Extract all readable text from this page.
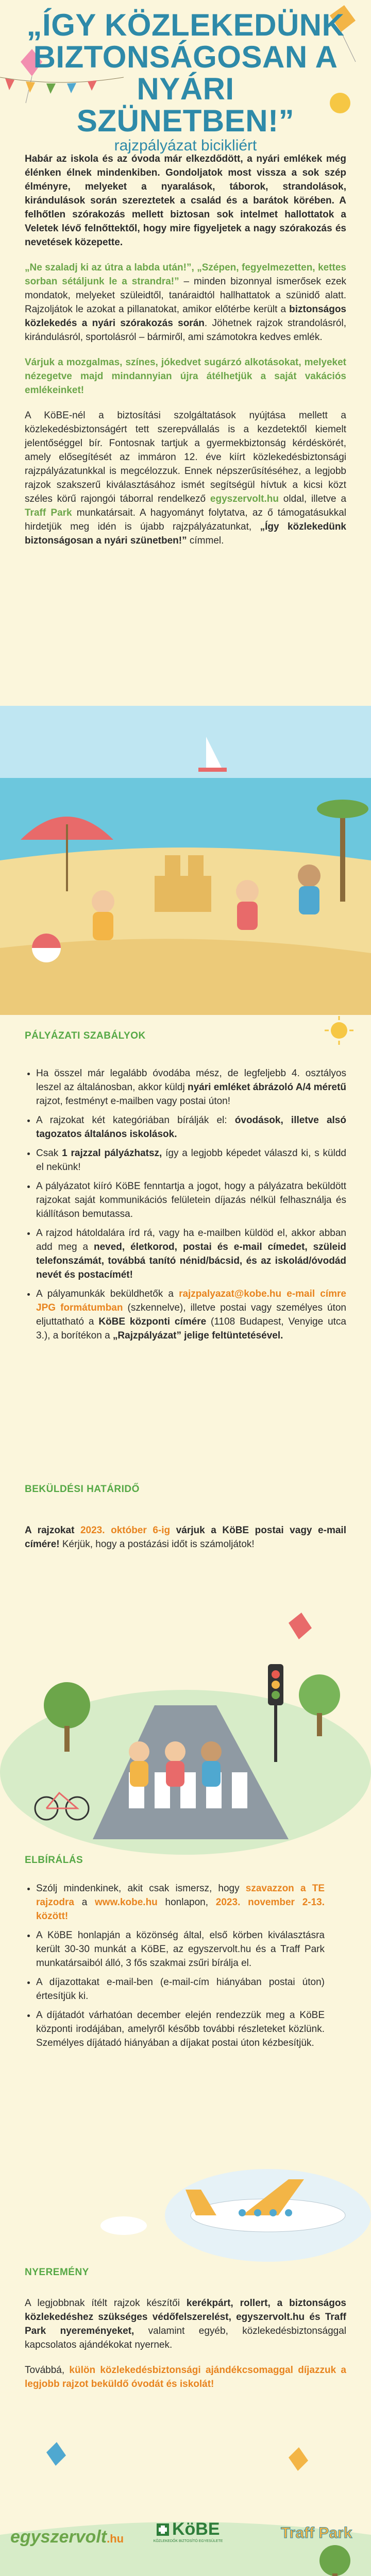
„ÍGY KÖZLEKEDÜNK
BIZTONSÁGOSAN A NYÁRI
SZÜNETBEN!”
rajzpályázat bicikliért

Habár az iskola és az óvoda már elkezdődött, a nyári emlékek még élénken élnek mindenkiben. Gondoljatok most vissza a sok szép élményre, melyeket a nyaralások, táborok, strandolások, kirándulások során szereztetek a család és a barátok körében. A felhőtlen szórakozás mellett biztosan sok intelmet hallottatok a Veletek lévő felnőttektől, hogy mire figyeljetek a nagy szórakozás és nevetések közepette.

„Ne szaladj ki az útra a labda után!”, „Szépen, fegyelmezetten, kettes sorban sétáljunk le a strandra!” – minden bizonnyal ismerősek ezek mondatok, melyeket szüleidtől, tanáraidtól hallhattatok a szünidő alatt. Rajzoljátok le azokat a pillanatokat, amikor előtérbe került a biztonságos közlekedés a nyári szórakozás során. Jöhetnek rajzok strandolásról, kirándulásról, sportolásról – bármiről, ami számotokra kedves emlék.

Várjuk a mozgalmas, színes, jókedvet sugárzó alkotásokat, melyeket nézegetve majd mindannyian újra átélhetjük a saját vakációs emlékeinket!

A KöBE-nél a biztosítási szolgáltatások nyújtása mellett a közlekedésbiztonságért tett szerepvállalás is a kezdetektől kiemelt jelentőséggel bír. Fontosnak tartjuk a gyermekbiztonság kérdéskörét, amely elősegítését az immáron 12. éve kiírt közlekedésbiztonsági rajzpályázatunkkal is megcélozzuk. Ennek népszerűsítéséhez, a legjobb rajzok szakszerű kiválasztásához ismét segítségül hívtuk a kicsi közt széles körű rajongói táborral rendelkező egyszervolt.hu oldal, illetve a Traff Park munkatársait. A hagyományt folytatva, az ő támogatásukkal hirdetjük meg idén is újabb rajzpályázatunkat, „Így közlekedünk biztonságosan a nyári szünetben!” címmel.

PÁLYÁZATI SZABÁLYOK
• Ha összel már legalább óvodába mész, de legfeljebb 4. osztályos leszel az általánosban, akkor küldj nyári emléket ábrázoló A/4 méretű rajzot, festményt e-mailben vagy postai úton!
• A rajzokat két kategóriában bírálják el: óvodások, illetve alsó tagozatos általános iskolások.
• Csak 1 rajzzal pályázhatsz, így a legjobb képedet válaszd ki, s küldd el nekünk!
• A pályázatot kiíró KöBE fenntartja a jogot, hogy a pályázatra beküldött rajzokat saját kommunikációs felületein díjazás nélkül felhasználja és kiállításon bemutassa.
• A rajzod hátoldalára írd rá, vagy ha e-mailben küldöd el, akkor abban add meg a neved, életkorod, postai és e-mail címedet, szüleid telefonszámát, továbbá tanító nénid/bácsid, és az iskolád/óvodád nevét és postacímét!
• A pályamunkák beküldhetők a rajzpalyazat@kobe.hu e-mail címre JPG formátumban (szkennelve), illetve postai vagy személyes úton eljuttatható a KöBE központi címére (1108 Budapest, Venyige utca 3.), a borítékon a „Rajzpályázat” jelige feltüntetésével.
BEKÜLDÉSI HATÁRIDŐ

A rajzokat 2023. október 6-ig várjuk a KöBE postai vagy e-mail címére! Kérjük, hogy a postázási időt is számoljátok!

ELBÍRÁLÁS
• Szólj mindenkinek, akit csak ismersz, hogy szavazzon a TE rajzodra a www.kobe.hu honlapon, 2023. november 2-13. között!
• A KöBE honlapján a közönség által, első körben kiválasztásra került 30-30 munkát a KöBE, az egyszervolt.hu és a Traff Park munkatársaiból álló, 3 fős szakmai zsűri bírálja el.
• A díjazottakat e-mail-ben (e-mail-cím hiányában postai úton) értesítjük ki.
• A díjátadót várhatóan december elején rendezzük meg a KöBE központi irodájában, amelyről később további részleteket közlünk. Személyes díjátadó hiányában a díjakat postai úton kézbesítjük.
NYEREMÉNY

A legjobbnak ítélt rajzok készítői kerékpárt, rollert, a biztonságos közlekedéshez szükséges védőfelszerelést, egyszervolt.hu és Traff Park nyereményeket, valamint egyéb, közlekedésbiztonsággal kapcsolatos ajándékokat nyernek.

Továbbá, külön közlekedésbiztonsági ajándékcsomaggal díjazzuk a legjobb rajzot beküldő óvodát és iskolát!

egyszervolt.hu	KöBE
KÖZLEKEDŐK BIZTOSÍTÓ EGYESÜLETE	Traff Park
